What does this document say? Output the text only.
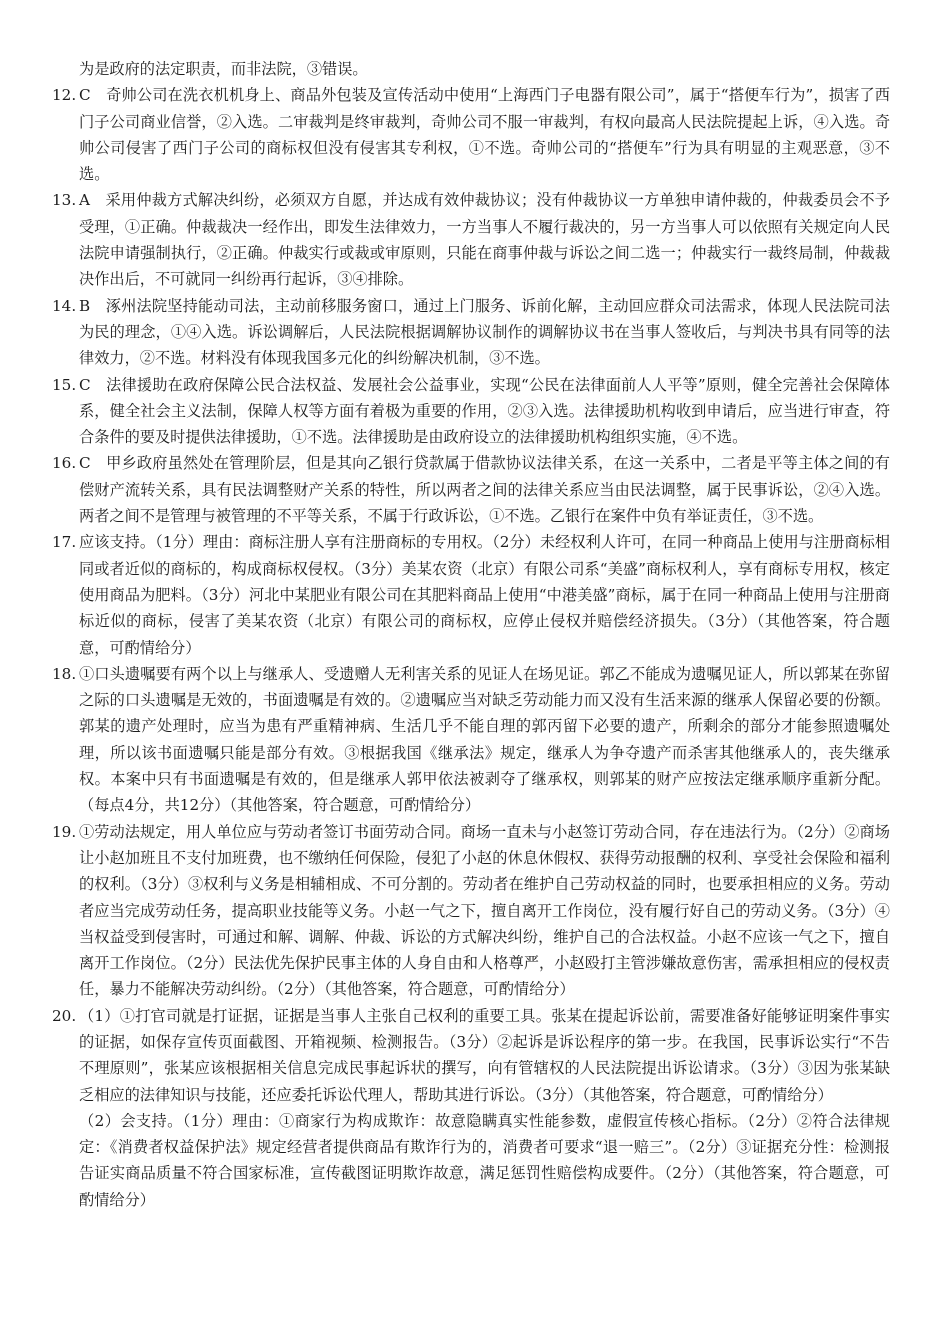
为是政府的法定职责，而非法院，③错误。

12. C　奇帅公司在洗衣机机身上、商品外包装及宣传活动中使用“上海西门子电器有限公司”，属于“搭便车行为”，损害了西门子公司商业信誉，②入选。二审裁判是终审裁判，奇帅公司不服一审裁判，有权向最高人民法院提起上诉，④入选。奇帅公司侵害了西门子公司的商标权但没有侵害其专利权，①不选。奇帅公司的“搭便车”行为具有明显的主观恶意，③不选。

13. A　采用仲裁方式解决纠纷，必须双方自愿，并达成有效仲裁协议；没有仲裁协议一方单独申请仲裁的，仲裁委员会不予受理，①正确。仲裁裁决一经作出，即发生法律效力，一方当事人不履行裁决的，另一方当事人可以依照有关规定向人民法院申请强制执行，②正确。仲裁实行或裁或审原则，只能在商事仲裁与诉讼之间二选一；仲裁实行一裁终局制，仲裁裁决作出后，不可就同一纠纷再行起诉，③④排除。

14. B　涿州法院坚持能动司法，主动前移服务窗口，通过上门服务、诉前化解，主动回应群众司法需求，体现人民法院司法为民的理念，①④入选。诉讼调解后，人民法院根据调解协议制作的调解协议书在当事人签收后，与判决书具有同等的法律效力，②不选。材料没有体现我国多元化的纠纷解决机制，③不选。

15. C　法律援助在政府保障公民合法权益、发展社会公益事业，实现“公民在法律面前人人平等”原则，健全完善社会保障体系，健全社会主义法制，保障人权等方面有着极为重要的作用，②③入选。法律援助机构收到申请后，应当进行审查，符合条件的要及时提供法律援助，①不选。法律援助是由政府设立的法律援助机构组织实施，④不选。

16. C　甲乡政府虽然处在管理阶层，但是其向乙银行贷款属于借款协议法律关系，在这一关系中，二者是平等主体之间的有偿财产流转关系，具有民法调整财产关系的特性，所以两者之间的法律关系应当由民法调整，属于民事诉讼，②④入选。两者之间不是管理与被管理的不平等关系，不属于行政诉讼，①不选。乙银行在案件中负有举证责任，③不选。

17. 应该支持。（1分）理由：商标注册人享有注册商标的专用权。（2分）未经权利人许可，在同一种商品上使用与注册商标相同或者近似的商标的，构成商标权侵权。（3分）美某农资（北京）有限公司系“美盛”商标权利人，享有商标专用权，核定使用商品为肥料。（3分）河北中某肥业有限公司在其肥料商品上使用“中港美盛”商标，属于在同一种商品上使用与注册商标近似的商标，侵害了美某农资（北京）有限公司的商标权，应停止侵权并赔偿经济损失。（3分）（其他答案，符合题意，可酌情给分）

18. ①口头遗嘱要有两个以上与继承人、受遗赠人无利害关系的见证人在场见证。郭乙不能成为遗嘱见证人，所以郭某在弥留之际的口头遗嘱是无效的，书面遗嘱是有效的。②遗嘱应当对缺乏劳动能力而又没有生活来源的继承人保留必要的份额。郭某的遗产处理时，应当为患有严重精神病、生活几乎不能自理的郭丙留下必要的遗产，所剩余的部分才能参照遗嘱处理，所以该书面遗嘱只能是部分有效。③根据我国《继承法》规定，继承人为争夺遗产而杀害其他继承人的，丧失继承权。本案中只有书面遗嘱是有效的，但是继承人郭甲依法被剥夺了继承权，则郭某的财产应按法定继承顺序重新分配。（每点4分，共12分）（其他答案，符合题意，可酌情给分）

19. ①劳动法规定，用人单位应与劳动者签订书面劳动合同。商场一直未与小赵签订劳动合同，存在违法行为。（2分）②商场让小赵加班且不支付加班费，也不缴纳任何保险，侵犯了小赵的休息休假权、获得劳动报酬的权利、享受社会保险和福利的权利。（3分）③权利与义务是相辅相成、不可分割的。劳动者在维护自己劳动权益的同时，也要承担相应的义务。劳动者应当完成劳动任务，提高职业技能等义务。小赵一气之下，擅自离开工作岗位，没有履行好自己的劳动义务。（3分）④当权益受到侵害时，可通过和解、调解、仲裁、诉讼的方式解决纠纷，维护自己的合法权益。小赵不应该一气之下，擅自离开工作岗位。（2分）民法优先保护民事主体的人身自由和人格尊严，小赵殴打主管涉嫌故意伤害，需承担相应的侵权责任，暴力不能解决劳动纠纷。（2分）（其他答案，符合题意，可酌情给分）

20. （1）①打官司就是打证据，证据是当事人主张自己权利的重要工具。张某在提起诉讼前，需要准备好能够证明案件事实的证据，如保存宣传页面截图、开箱视频、检测报告。（3分）②起诉是诉讼程序的第一步。在我国，民事诉讼实行“不告不理原则”，张某应该根据相关信息完成民事起诉状的撰写，向有管辖权的人民法院提出诉讼请求。（3分）③因为张某缺乏相应的法律知识与技能，还应委托诉讼代理人，帮助其进行诉讼。（3分）（其他答案，符合题意，可酌情给分）

（2）会支持。（1分）理由：①商家行为构成欺诈：故意隐瞒真实性能参数，虚假宣传核心指标。（2分）②符合法律规定：《消费者权益保护法》规定经营者提供商品有欺诈行为的，消费者可要求“退一赔三”。（2分）③证据充分性：检测报告证实商品质量不符合国家标准，宣传截图证明欺诈故意，满足惩罚性赔偿构成要件。（2分）（其他答案，符合题意，可酌情给分）
